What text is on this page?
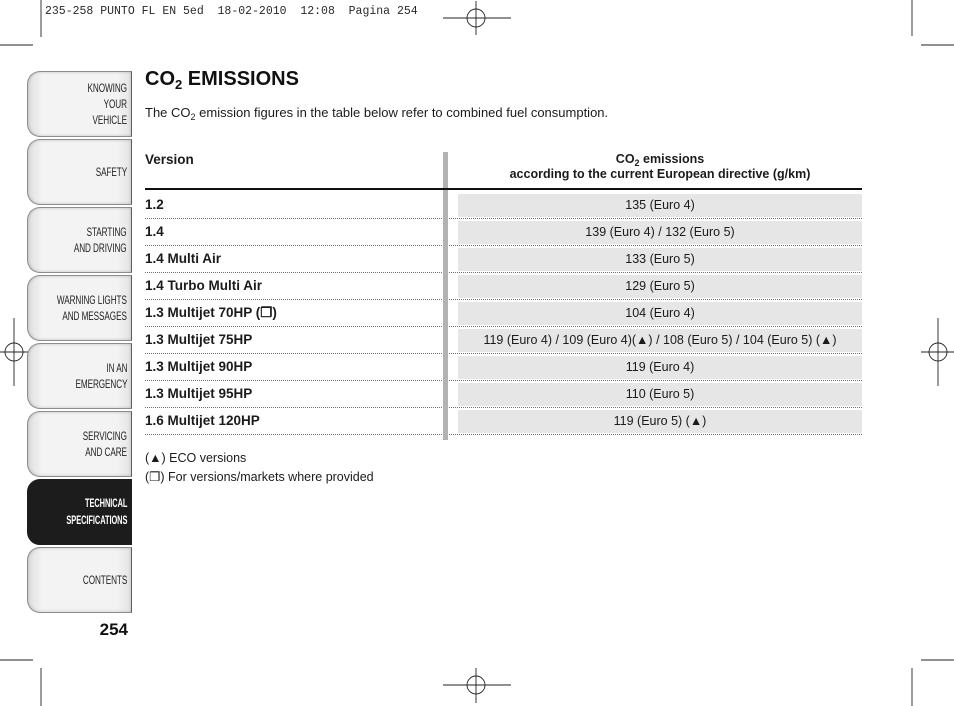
235-258 PUNTO FL EN 5ed  18-02-2010  12:08  Pagina 254
KNOWING
YOUR
VEHICLE
SAFETY
STARTING
AND DRIVING
WARNING LIGHTS
AND MESSAGES
IN AN
EMERGENCY
SERVICING
AND CARE
TECHNICAL
SPECIFICATIONS
CONTENTS
254
$CO_2$ EMISSIONS

The $CO_2$ emission figures in the table below refer to combined fuel consumption.

Version	$CO_2$ emissions
according to the current European directive (g/km)
1.2	135 (Euro 4)
1.4	139 (Euro 4) / 132 (Euro 5)
1.4 Multi Air	133 (Euro 5)
1.4 Turbo Multi Air	129 (Euro 5)
1.3 Multijet 70HP (❒)	104 (Euro 4)
1.3 Multijet 75HP	119 (Euro 4) / 109 (Euro 4)(▲) / 108 (Euro 5) / 104 (Euro 5) (▲)
1.3 Multijet 90HP	119 (Euro 4)
1.3 Multijet 95HP	110 (Euro 5)
1.6 Multijet 120HP	119 (Euro 5) (▲)
(▲) ECO versions
(❒) For versions/markets where provided
